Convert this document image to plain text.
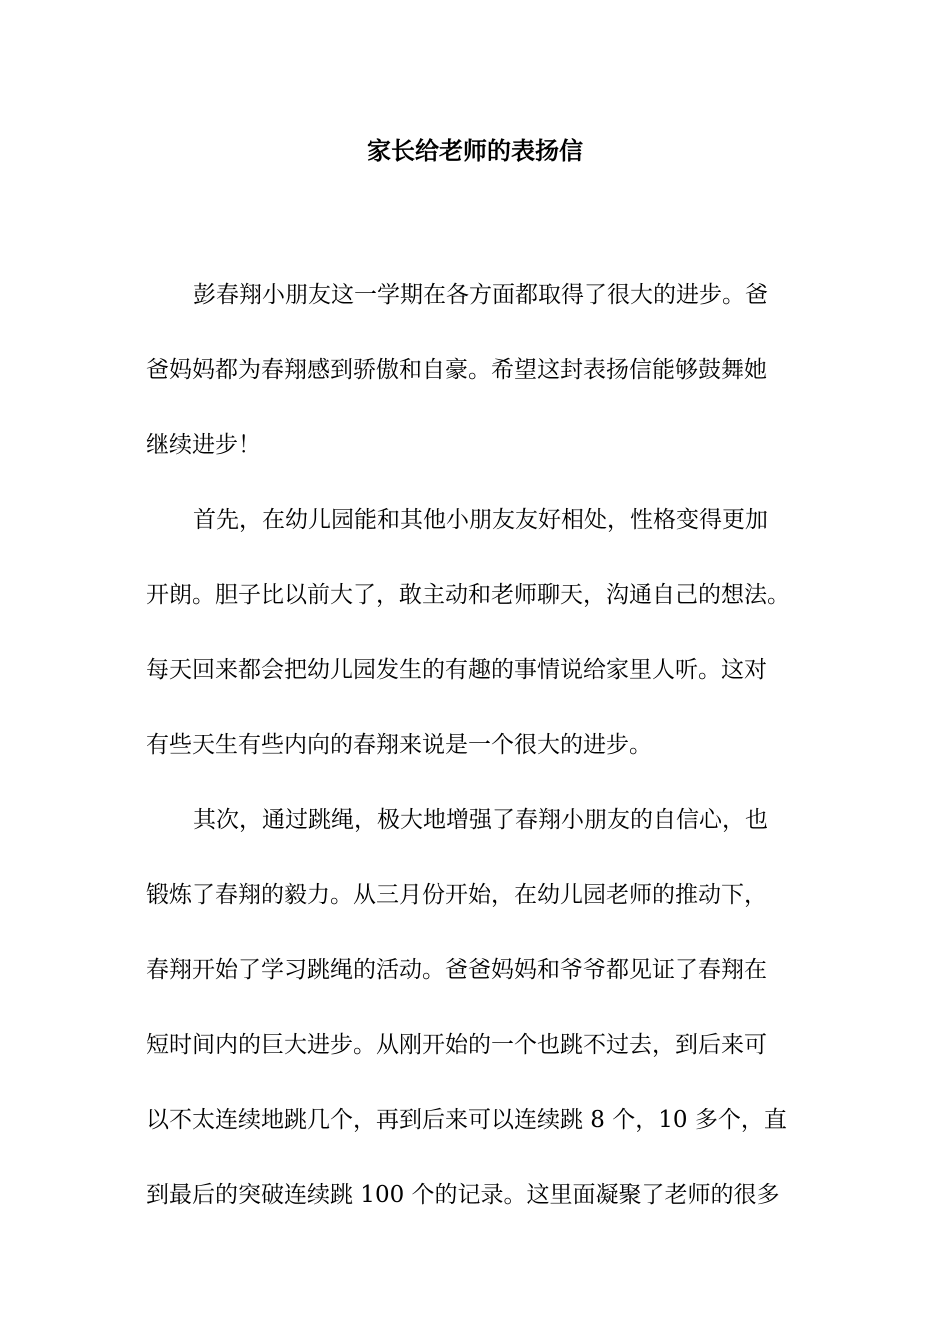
家长给老师的表扬信
彭春翔小朋友这一学期在各方面都取得了很大的进步。爸
爸妈妈都为春翔感到骄傲和自豪。希望这封表扬信能够鼓舞她
继续进步！
首先，在幼儿园能和其他小朋友友好相处，性格变得更加
开朗。胆子比以前大了，敢主动和老师聊天，沟通自己的想法。
每天回来都会把幼儿园发生的有趣的事情说给家里人听。这对
有些天生有些内向的春翔来说是一个很大的进步。
其次，通过跳绳，极大地增强了春翔小朋友的自信心，也
锻炼了春翔的毅力。从三月份开始，在幼儿园老师的推动下，
春翔开始了学习跳绳的活动。爸爸妈妈和爷爷都见证了春翔在
短时间内的巨大进步。从刚开始的一个也跳不过去，到后来可
以不太连续地跳几个，再到后来可以连续跳 8 个，10 多个，直
到最后的突破连续跳 100 个的记录。这里面凝聚了老师的很多
